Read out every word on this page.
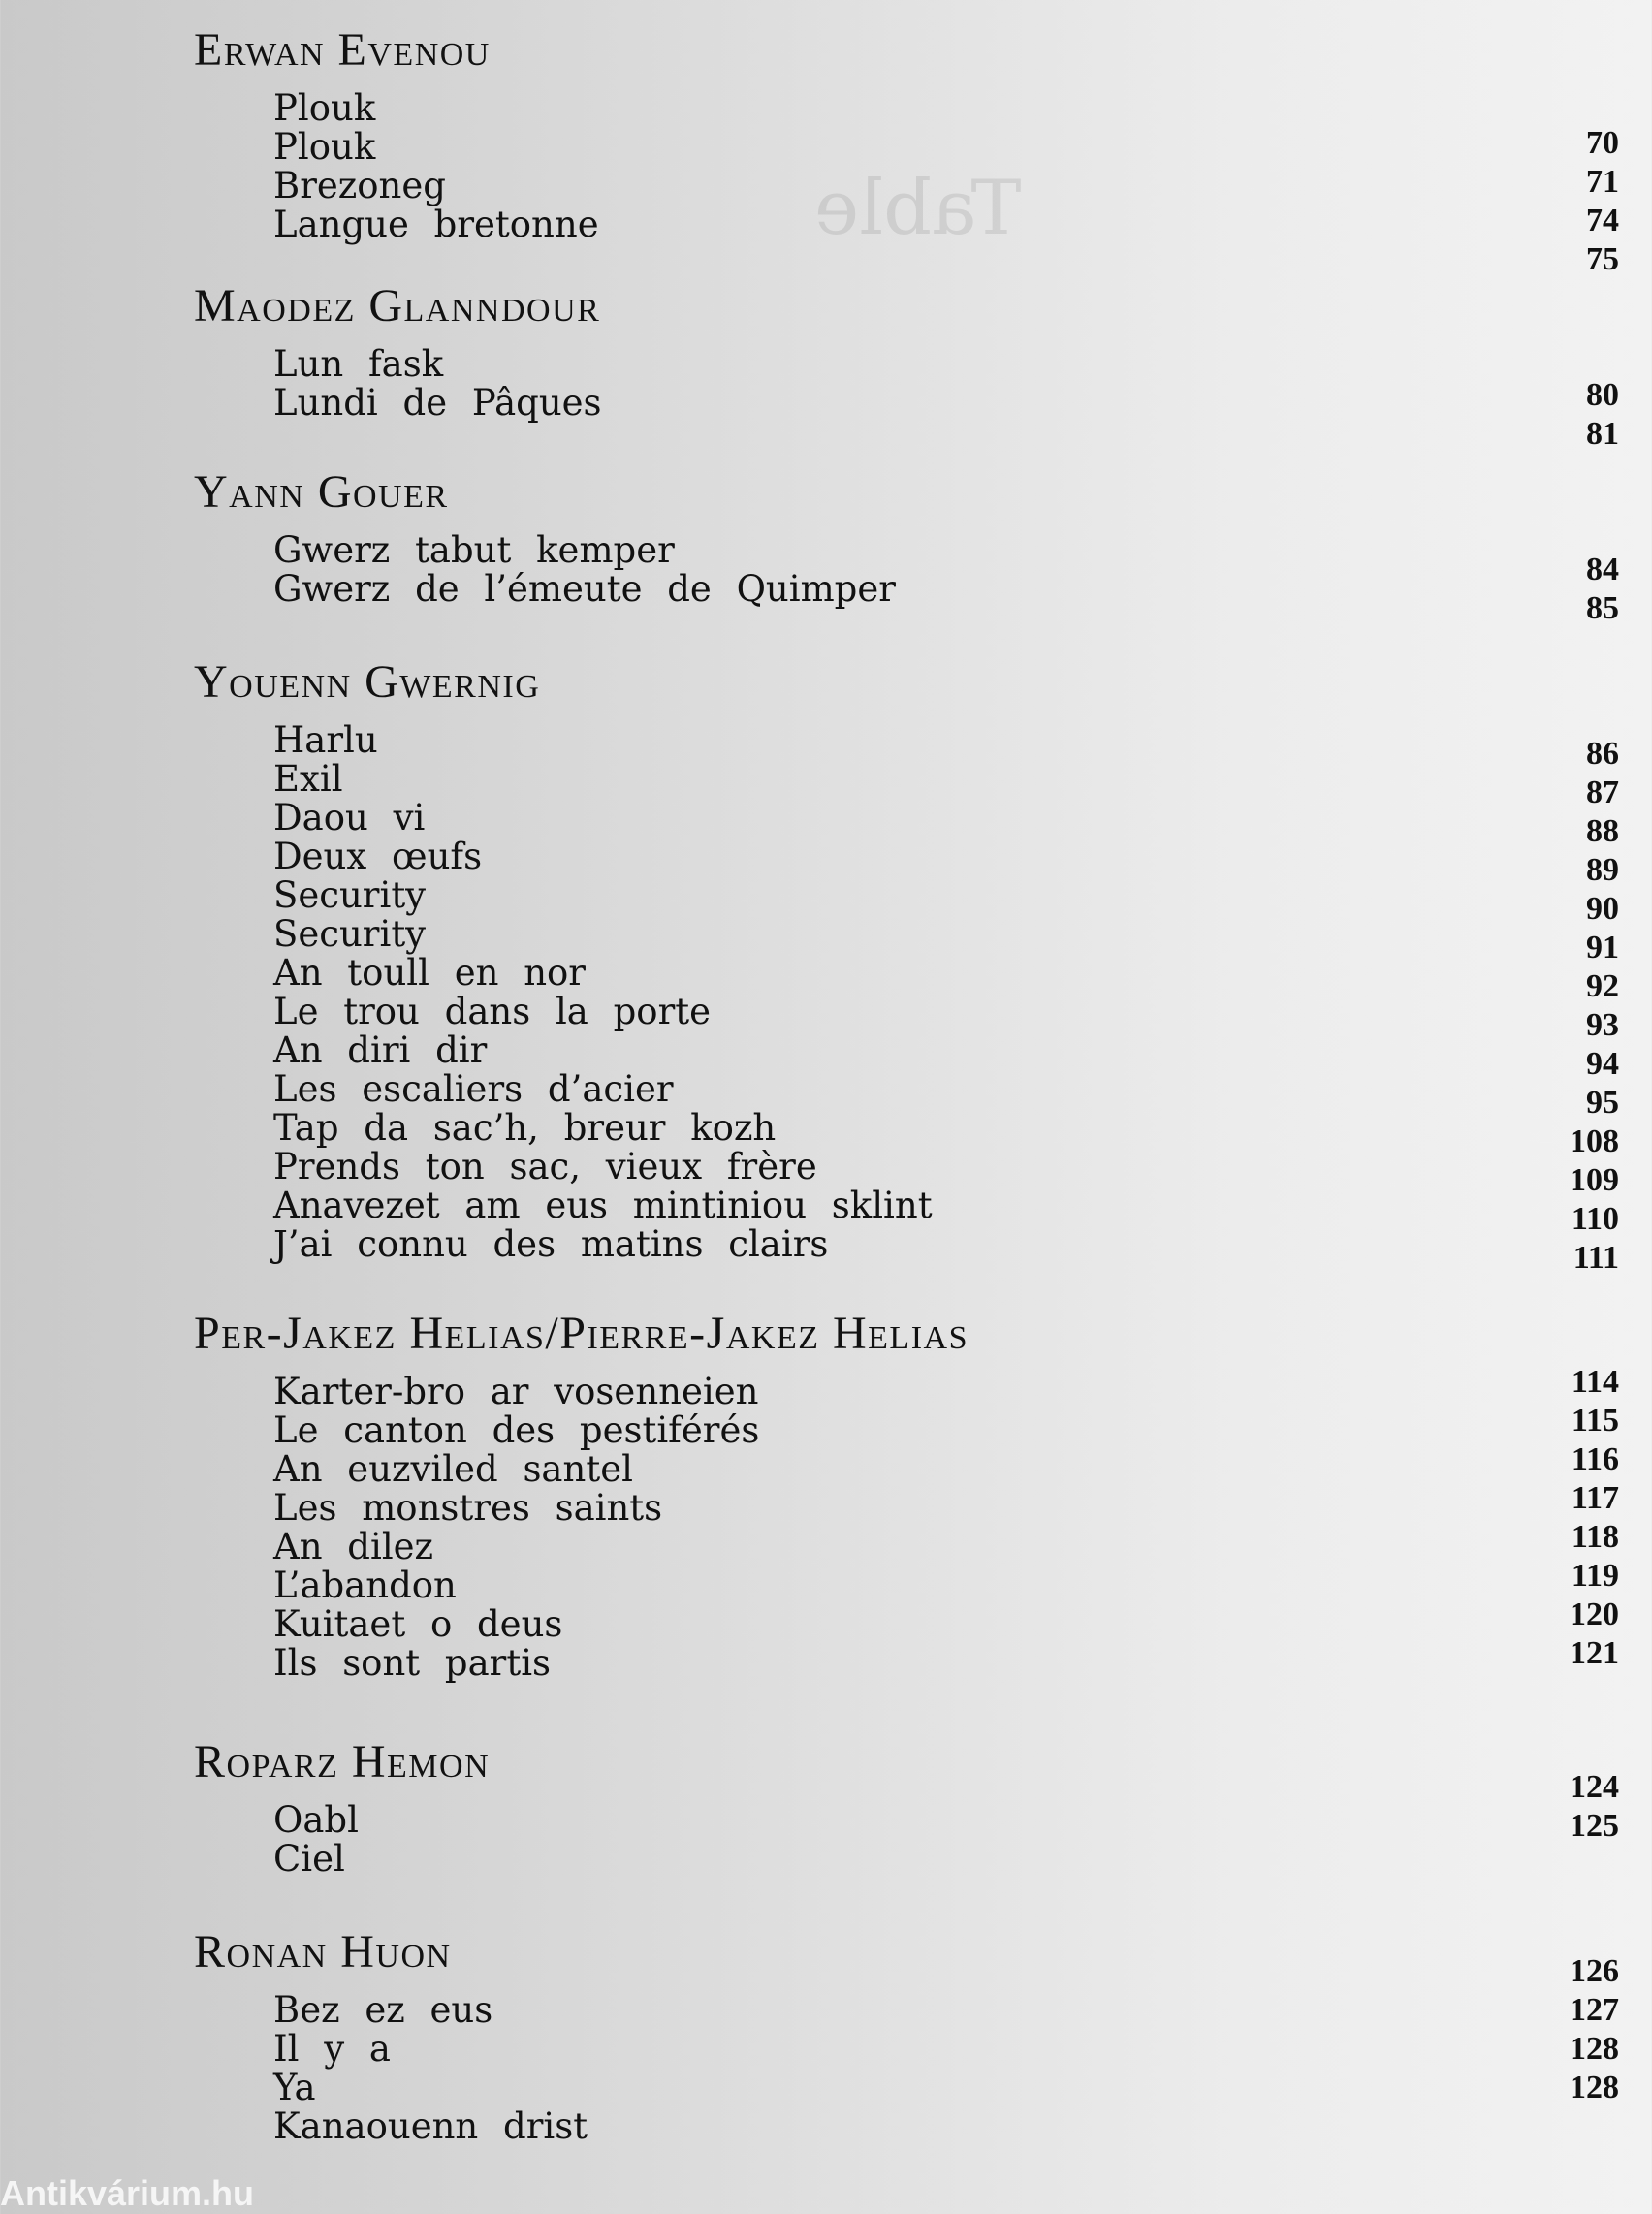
Table
Erwan Evenou
Plouk
Plouk
Brezoneg
Langue bretonne
Maodez Glanndour
Lun fask
Lundi de Pâques
Yann Gouer
Gwerz tabut kemper
Gwerz de l’émeute de Quimper
Youenn Gwernig
Harlu
Exil
Daou vi
Deux œufs
Security
Security
An toull en nor
Le trou dans la porte
An diri dir
Les escaliers d’acier
Tap da sac’h, breur kozh
Prends ton sac, vieux frère
Anavezet am eus mintiniou sklint
J’ai connu des matins clairs
Per-Jakez Helias/Pierre-Jakez Helias
Karter-bro ar vosenneien
Le canton des pestiférés
An euzviled santel
Les monstres saints
An dilez
L’abandon
Kuitaet o deus
Ils sont partis
Roparz Hemon
Oabl
Ciel
Ronan Huon
Bez ez eus
Il y a
Ya
Kanaouenn drist
70
71
74
75
80
81
84
85
86
87
88
89
90
91
92
93
94
95
108
109
110
111
114
115
116
117
118
119
120
121
124
125
126
127
128
128
Antikvárium.hu
